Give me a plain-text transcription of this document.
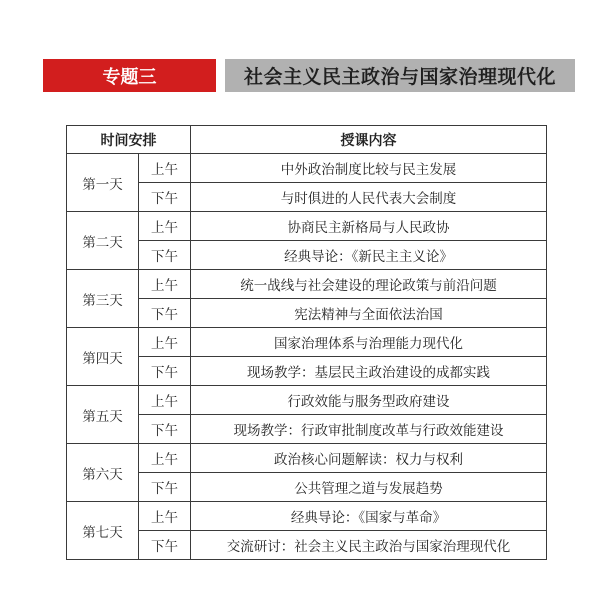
专题三	社会主义民主政治与国家治理现代化
时间安排		授课内容
第一天	上午	中外政治制度比较与民主发展
	下午	与时俱进的人民代表大会制度
第二天	上午	协商民主新格局与人民政协
	下午	经典导论：《新民主主义论》
第三天	上午	统一战线与社会建设的理论政策与前沿问题
	下午	宪法精神与全面依法治国
第四天	上午	国家治理体系与治理能力现代化
	下午	现场教学：基层民主政治建设的成都实践
第五天	上午	行政效能与服务型政府建设
	下午	现场教学：行政审批制度改革与行政效能建设
第六天	上午	政治核心问题解读：权力与权利
	下午	公共管理之道与发展趋势
第七天	上午	经典导论：《国家与革命》
	下午	交流研讨：社会主义民主政治与国家治理现代化
